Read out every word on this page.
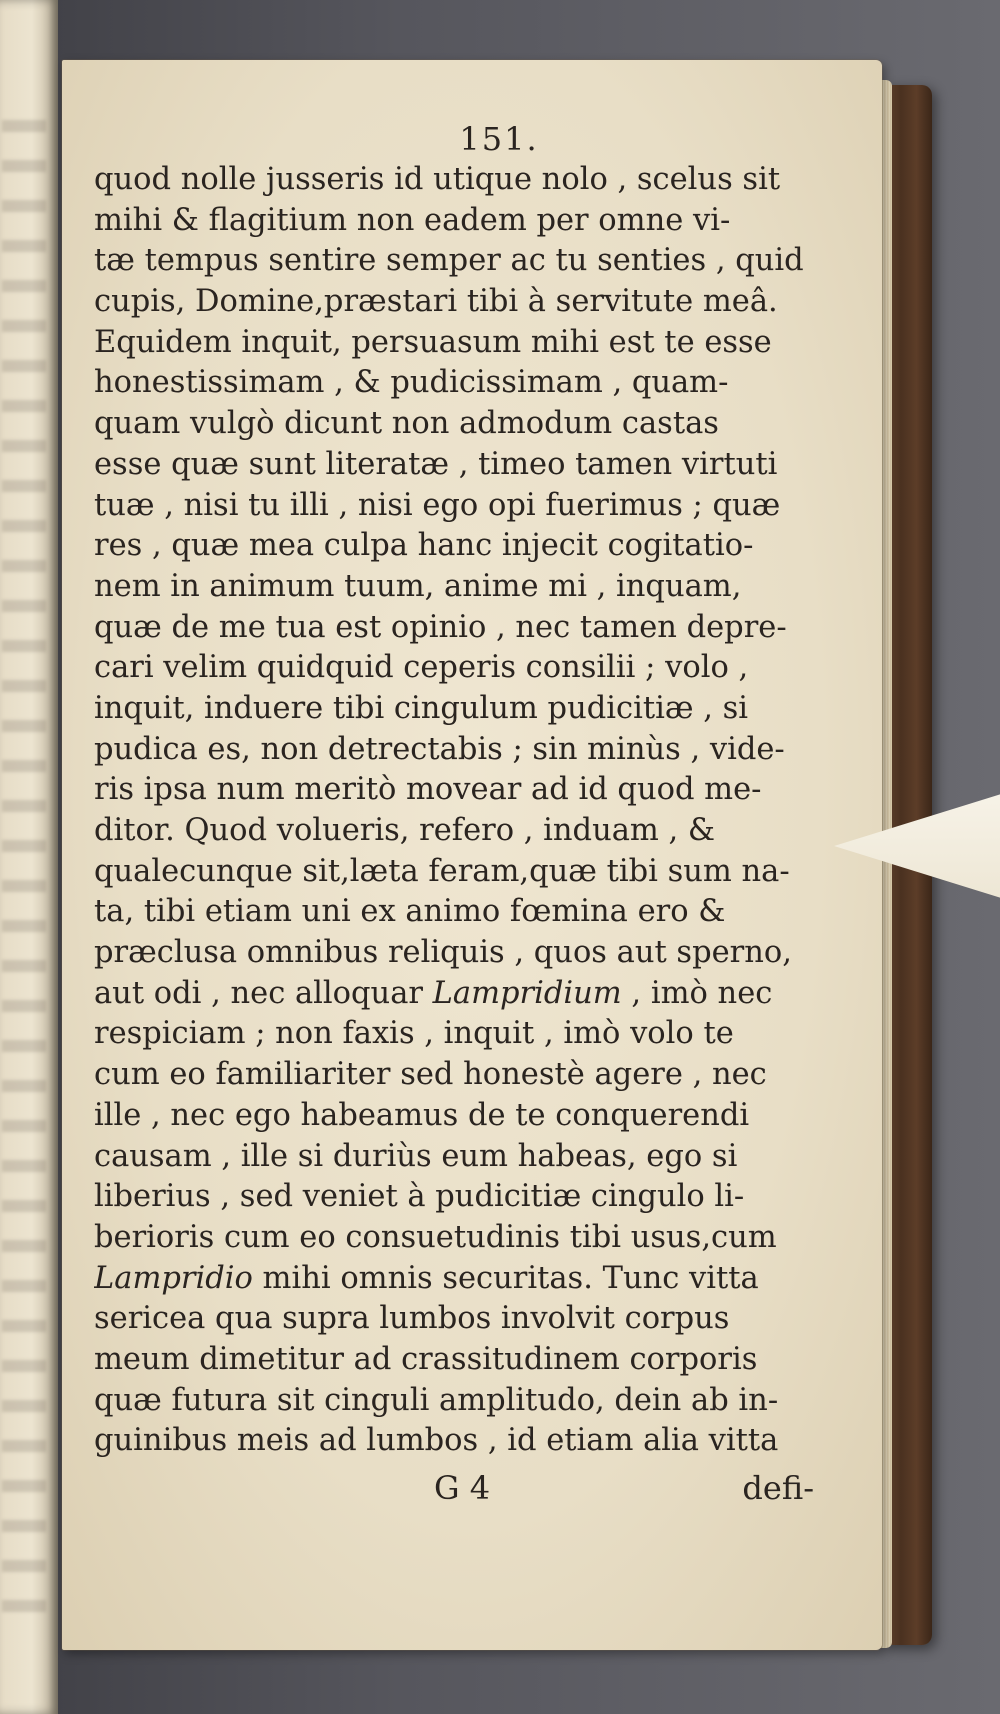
151.
quod nolle jusseris id utique nolo , scelus sit
mihi & flagitium non eadem per omne vi-
tæ tempus sentire semper ac tu senties , quid
cupis, Domine,præstari tibi à servitute meâ.
Equidem inquit, persuasum mihi est te esse
honestissimam , & pudicissimam , quam-
quam vulgò dicunt non admodum castas
esse quæ sunt literatæ , timeo tamen virtuti
tuæ , nisi tu illi , nisi ego opi fuerimus ; quæ
res , quæ mea culpa hanc injecit cogitatio-
nem in animum tuum, anime mi , inquam,
quæ de me tua est opinio , nec tamen depre-
cari velim quidquid ceperis consilii ; volo ,
inquit, induere tibi cingulum pudicitiæ , si
pudica es, non detrectabis ; sin minùs , vide-
ris ipsa num meritò movear ad id quod me-
ditor. Quod volueris, refero , induam , &
qualecunque sit,læta feram,quæ tibi sum na-
ta, tibi etiam uni ex animo fœmina ero &
præclusa omnibus reliquis , quos aut sperno,
aut odi , nec alloquar Lampridium , imò nec
respiciam ; non faxis , inquit , imò volo te
cum eo familiariter sed honestè agere , nec
ille , nec ego habeamus de te conquerendi
causam , ille si duriùs eum habeas, ego si
liberius , sed veniet à pudicitiæ cingulo li-
berioris cum eo consuetudinis tibi usus,cum
Lampridio mihi omnis securitas. Tunc vitta
sericea qua supra lumbos involvit corpus
meum dimetitur ad crassitudinem corporis
quæ futura sit cinguli amplitudo, dein ab in-
guinibus meis ad lumbos , id etiam alia vitta
G 4	defi-
